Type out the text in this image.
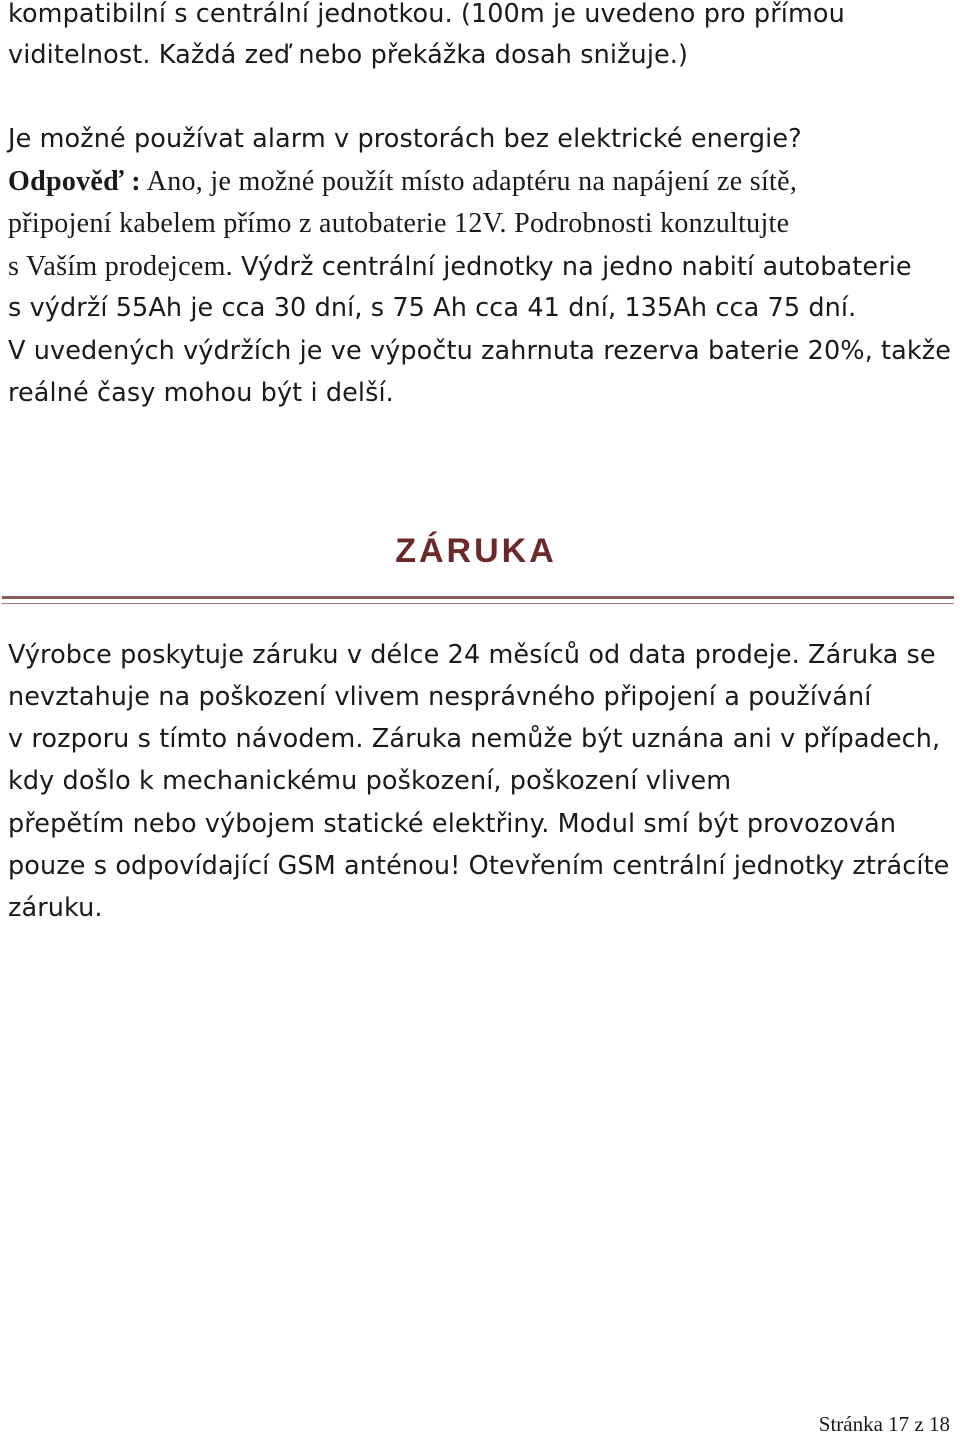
kompatibilní s centrální jednotkou. (100m je uvedeno pro přímou

viditelnost. Každá zeď nebo překážka dosah snižuje.)

Je možné používat alarm v prostorách bez elektrické energie?

Odpověď : Ano, je možné použít místo adaptéru na napájení ze sítě,

připojení kabelem přímo z autobaterie 12V. Podrobnosti konzultujte

s Vaším prodejcem. Výdrž centrální jednotky na jedno nabití autobaterie

s výdrží 55Ah je cca 30 dní, s 75 Ah cca 41 dní, 135Ah cca 75 dní.

V uvedených výdržích je ve výpočtu zahrnuta rezerva baterie 20%, takže

reálné časy mohou být i delší.

ZÁRUKA

Výrobce poskytuje záruku v délce 24 měsíců od data prodeje. Záruka se

nevztahuje na poškození vlivem nesprávného připojení a používání

v rozporu s tímto návodem. Záruka nemůže být uznána ani v případech,

kdy došlo k mechanickému poškození, poškození vlivem

přepětím nebo výbojem statické elektřiny. Modul smí být provozován

pouze s odpovídající GSM anténou! Otevřením centrální jednotky ztrácíte

záruku.

Stránka 17 z 18
